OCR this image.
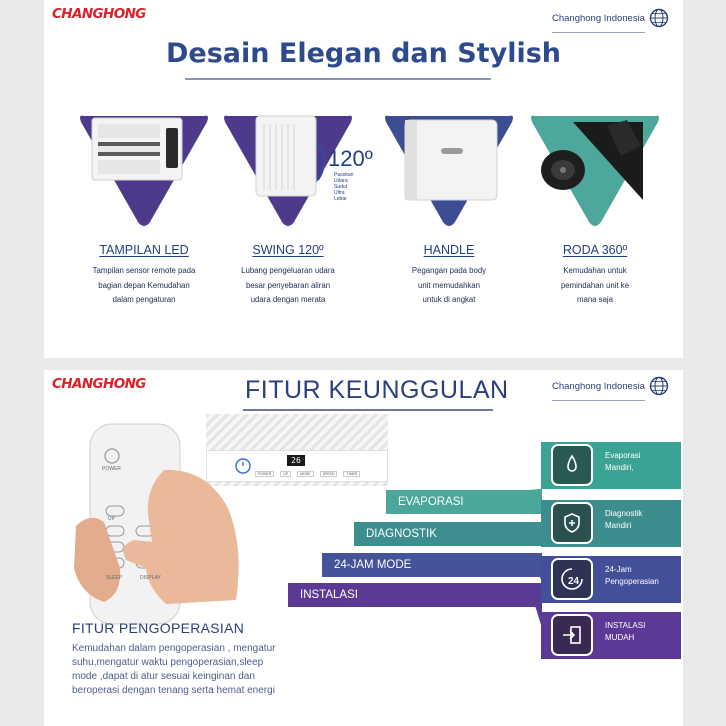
CHANGHONG	Changhong Indonesia
Desain Elegan dan Stylish
TAMPILAN LED
Tampilan sensor remote pada
bagian depan Kemudahan
dalam pengaturan
120º
Pasokan Udara
Sudut Ultra Lebar
SWING 120º
Lubang pengeluaran udara
besar penyebaran aliran
udara dengan merata
HANDLE
Pegangan pada body
unit memudahkan
untuk di angkat
RODA 360º
Kemudahan untuk
pemindahan unit ke
mana saja
CHANGHONG	Changhong Indonesia
FITUR KEUNGGULAN
26
POWER	UP	MODE	SPEED	TIMER
POWER
UP
SLEEP	DISPLAY
EVAPORASI
DIAGNOSTIK
24-JAM MODE
INSTALASI
Evaporasi
Mandiri,
Diagnostik
Mandiri
24
24-Jam
Pengoperasian
INSTALASI
MUDAH
FITUR PENGOPERASIAN
Kemudahan dalam pengoperasian , mengatur
suhu,mengatur waktu pengoperasian,sleep
mode ,dapat di atur sesuai keinginan dan
beroperasi dengan tenang serta hemat energi
